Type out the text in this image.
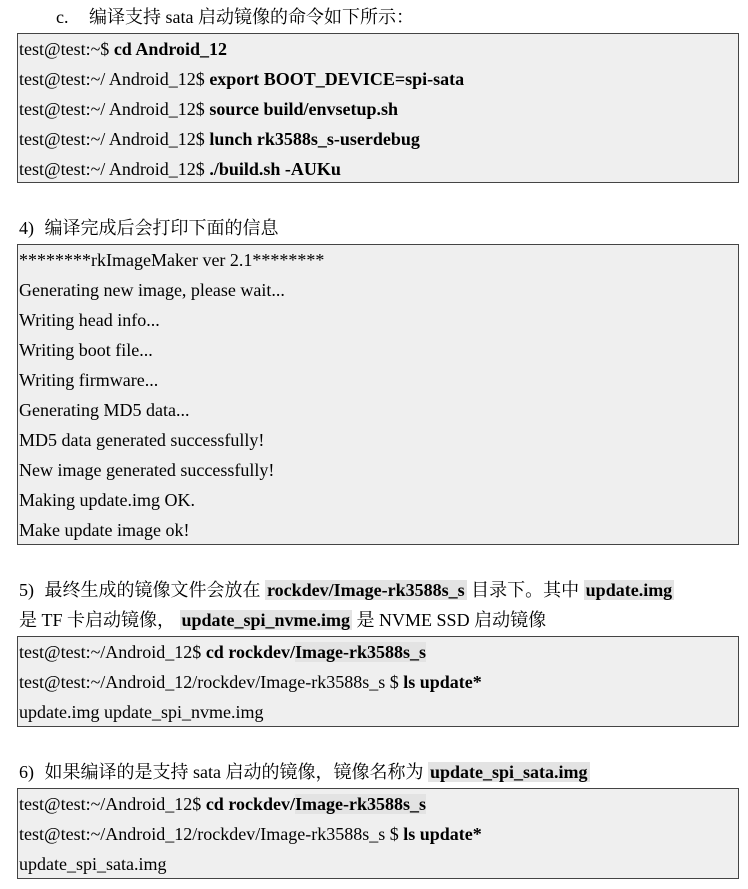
c. 编译支持 sata 启动镜像的命令如下所示：
test@test:~$ cd Android_12
test@test:~/ Android_12$ export BOOT_DEVICE=spi-sata
test@test:~/ Android_12$ source build/envsetup.sh
test@test:~/ Android_12$ lunch rk3588s_s-userdebug
test@test:~/ Android_12$ ./build.sh -AUKu
4) 编译完成后会打印下面的信息
********rkImageMaker ver 2.1********
Generating new image, please wait...
Writing head info...
Writing boot file...
Writing firmware...
Generating MD5 data...
MD5 data generated successfully!
New image generated successfully!
Making update.img OK.
Make update image ok!
5) 最终生成的镜像文件会放在 rockdev/Image-rk3588s_s 目录下。其中 update.img
是 TF 卡启动镜像， update_spi_nvme.img 是 NVME SSD 启动镜像
test@test:~/Android_12$ cd rockdev/Image-rk3588s_s
test@test:~/Android_12/rockdev/Image-rk3588s_s $ ls update*
update.img update_spi_nvme.img
6) 如果编译的是支持 sata 启动的镜像，镜像名称为 update_spi_sata.img
test@test:~/Android_12$ cd rockdev/Image-rk3588s_s
test@test:~/Android_12/rockdev/Image-rk3588s_s $ ls update*
update_spi_sata.img
